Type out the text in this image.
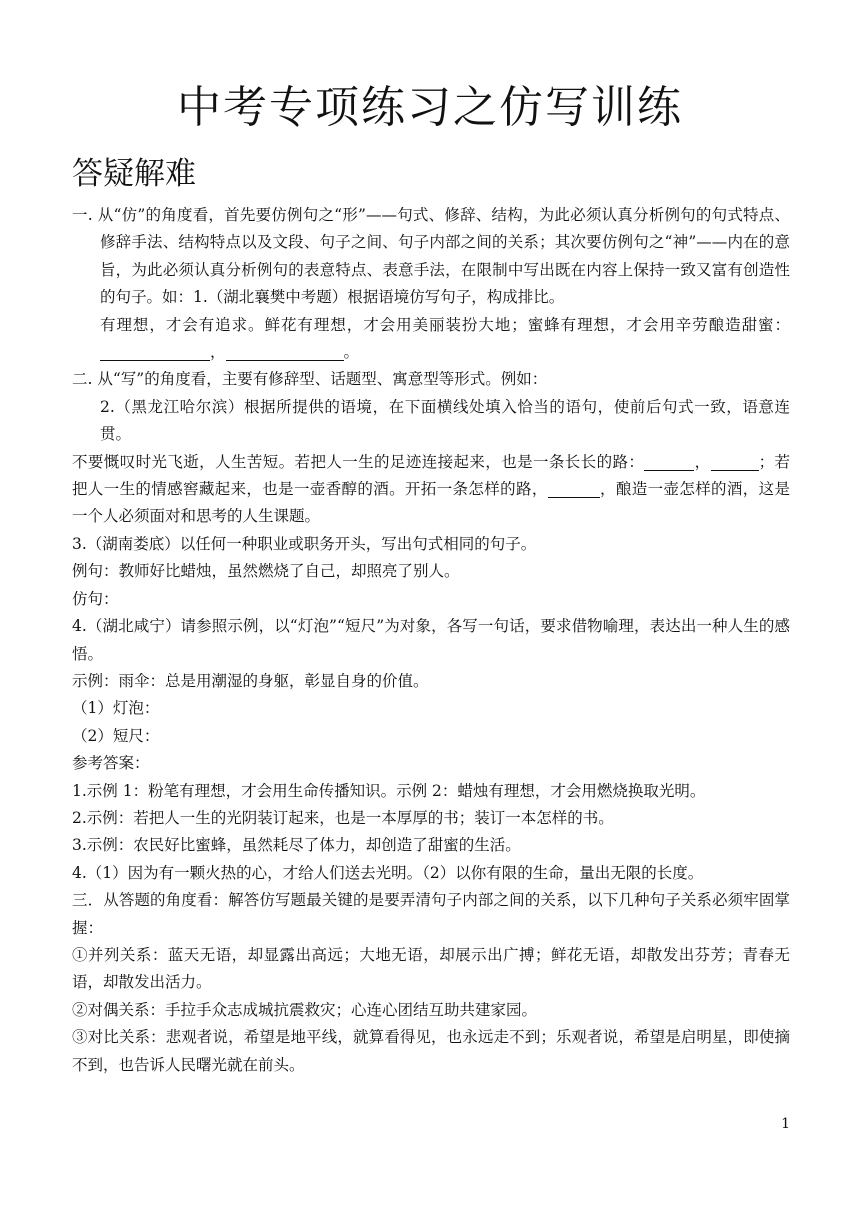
中考专项练习之仿写训练
答疑解难

一. 从“仿”的角度看，首先要仿例句之“形”——句式、修辞、结构，为此必须认真分析例句的句式特点、修辞手法、结构特点以及文段、句子之间、句子内部之间的关系；其次要仿例句之“神”——内在的意旨，为此必须认真分析例句的表意特点、表意手法，在限制中写出既在内容上保持一致又富有创造性的句子。如：1.（湖北襄樊中考题）根据语境仿写句子，构成排比。

有理想，才会有追求。鲜花有理想，才会用美丽装扮大地；蜜蜂有理想，才会用辛劳酿造甜蜜：，	。

二. 从“写”的角度看，主要有修辞型、话题型、寓意型等形式。例如：

2.（黑龙江哈尔滨）根据所提供的语境，在下面横线处填入恰当的语句，使前后句式一致，语意连贯。

不要慨叹时光飞逝，人生苦短。若把人一生的足迹连接起来，也是一条长长的路：	，	；若把人一生的情感窖藏起来，也是一壶香醇的酒。开拓一条怎样的路，	，酿造一壶怎样的酒，这是一个人必须面对和思考的人生课题。

3.（湖南娄底）以任何一种职业或职务开头，写出句式相同的句子。

例句：教师好比蜡烛，虽然燃烧了自己，却照亮了别人。

仿句：

4.（湖北咸宁）请参照示例，以“灯泡”“短尺”为对象，各写一句话，要求借物喻理，表达出一种人生的感悟。

示例：雨伞：总是用潮湿的身躯，彰显自身的价值。

（1）灯泡：

（2）短尺：

参考答案：

1.示例 1：粉笔有理想，才会用生命传播知识。示例 2：蜡烛有理想，才会用燃烧换取光明。

2.示例：若把人一生的光阴装订起来，也是一本厚厚的书；装订一本怎样的书。

3.示例：农民好比蜜蜂，虽然耗尽了体力，却创造了甜蜜的生活。

4.（1）因为有一颗火热的心，才给人们送去光明。（2）以你有限的生命，量出无限的长度。

三．从答题的角度看：解答仿写题最关键的是要弄清句子内部之间的关系，以下几种句子关系必须牢固掌握：

①并列关系：蓝天无语，却显露出高远；大地无语，却展示出广搏；鲜花无语，却散发出芬芳；青春无语，却散发出活力。

②对偶关系：手拉手众志成城抗震救灾；心连心团结互助共建家园。

③对比关系：悲观者说，希望是地平线，就算看得见，也永远走不到；乐观者说，希望是启明星，即使摘不到，也告诉人民曙光就在前头。

1
